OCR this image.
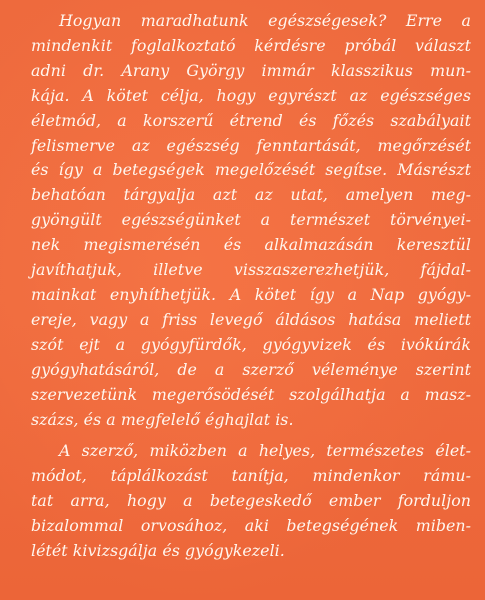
Hogyan maradhatunk egészségesek? Erre a
mindenkit foglalkoztató kérdésre próbál választ
adni dr. Arany György immár klasszikus mun-
kája. A kötet célja, hogy egyrészt az egészséges
életmód, a korszerű étrend és főzés szabályait
felismerve az egészség fenntartását, megőrzését
és így a betegségek megelőzését segítse. Másrészt
behatóan tárgyalja azt az utat, amelyen meg-
gyöngült egészségünket a természet törvényei-
nek megismerésén és alkalmazásán keresztül
javíthatjuk, illetve visszaszerezhetjük, fájdal-
mainkat enyhíthetjük. A kötet így a Nap gyógy-
ereje, vagy a friss levegő áldásos hatása meliett
szót ejt a gyógyfürdők, gyógyvizek és ivókúrák
gyógyhatásáról, de a szerző véleménye szerint
szervezetünk megerősödését szolgálhatja a masz-
százs, és a megfelelő éghajlat is.

A szerző, miközben a helyes, természetes élet-
módot, táplálkozást tanítja, mindenkor rámu-
tat arra, hogy a betegeskedő ember forduljon
bizalommal orvosához, aki betegségének miben-
létét kivizsgálja és gyógykezeli.
